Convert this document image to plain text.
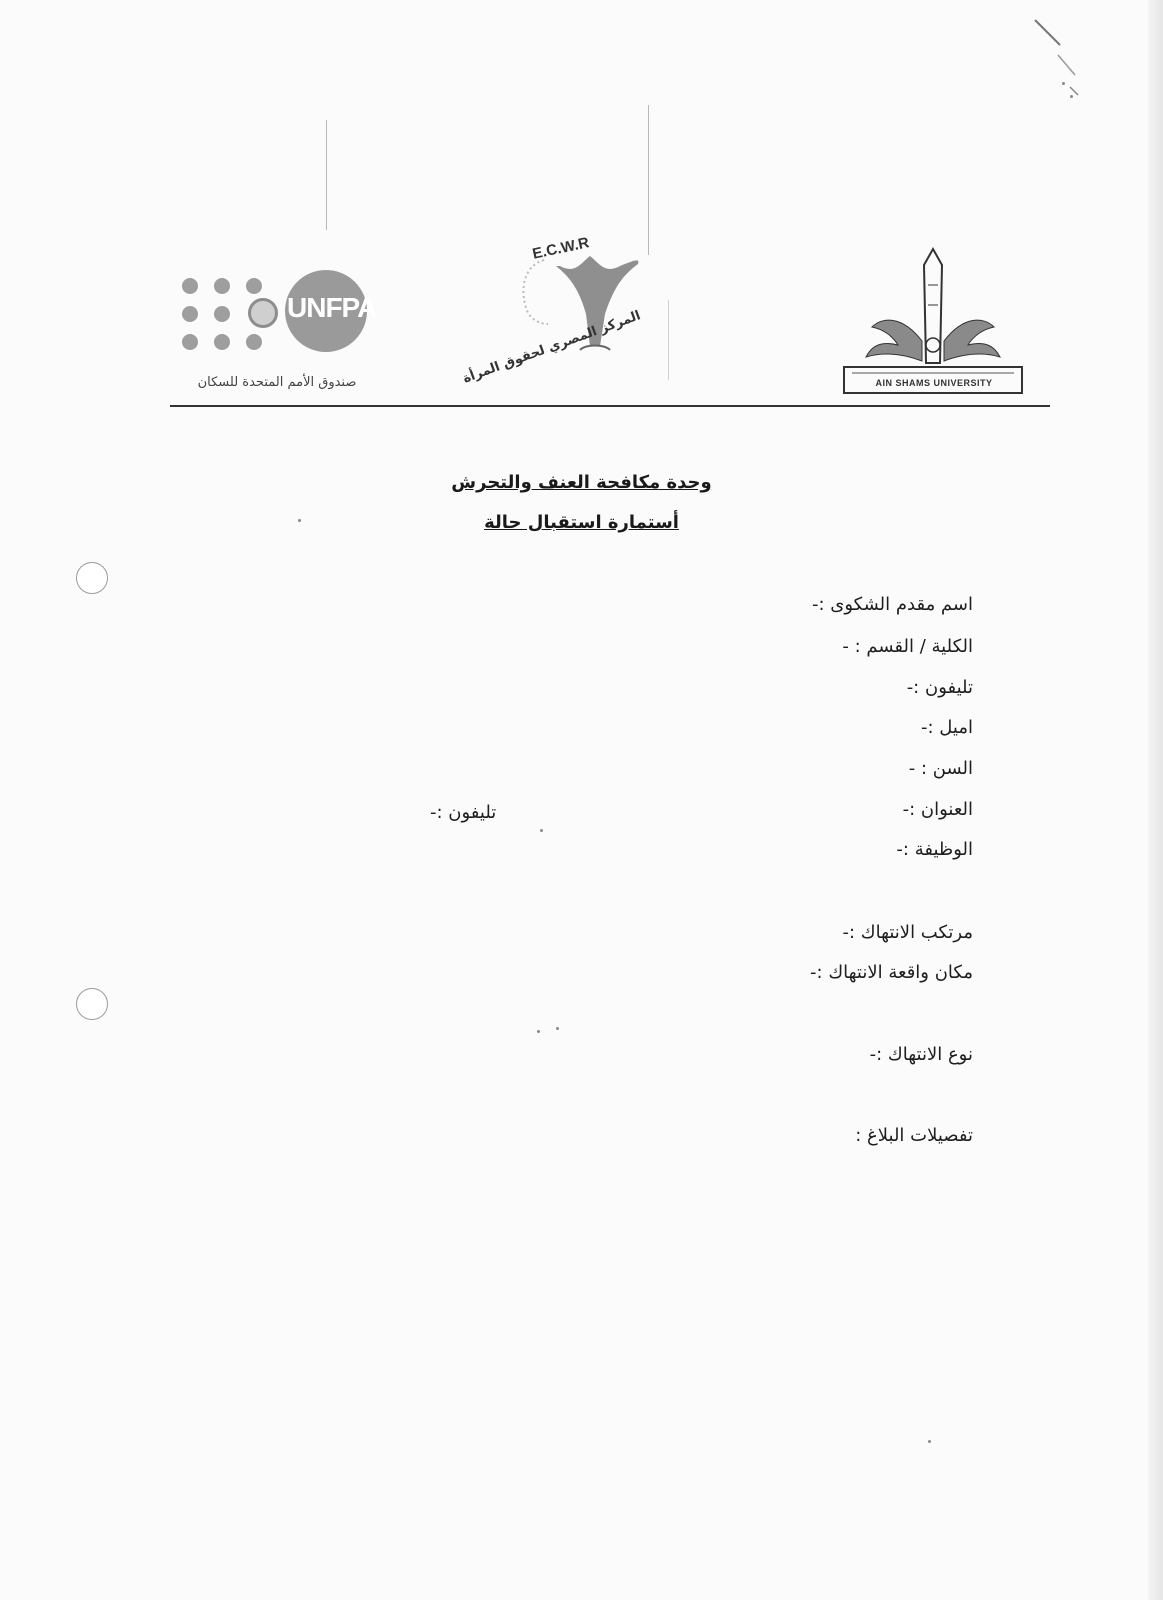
UNFPA
صندوق الأمم المتحدة للسكان
E.C.W.R
المركز المصري لحقوق المرأة	AIN SHAMS UNIVERSITY
وحدة مكافحة العنف والتحرش
أستمارة استقبال حالة
اسم مقدم الشكوى :-
الكلية / القسم : -
تليفون :-
اميل :-
السن : -
العنوان :-
تليفون :-
الوظيفة :-
مرتكب الانتهاك :-
مكان واقعة الانتهاك :-
نوع الانتهاك :-
تفصيلات البلاغ :
